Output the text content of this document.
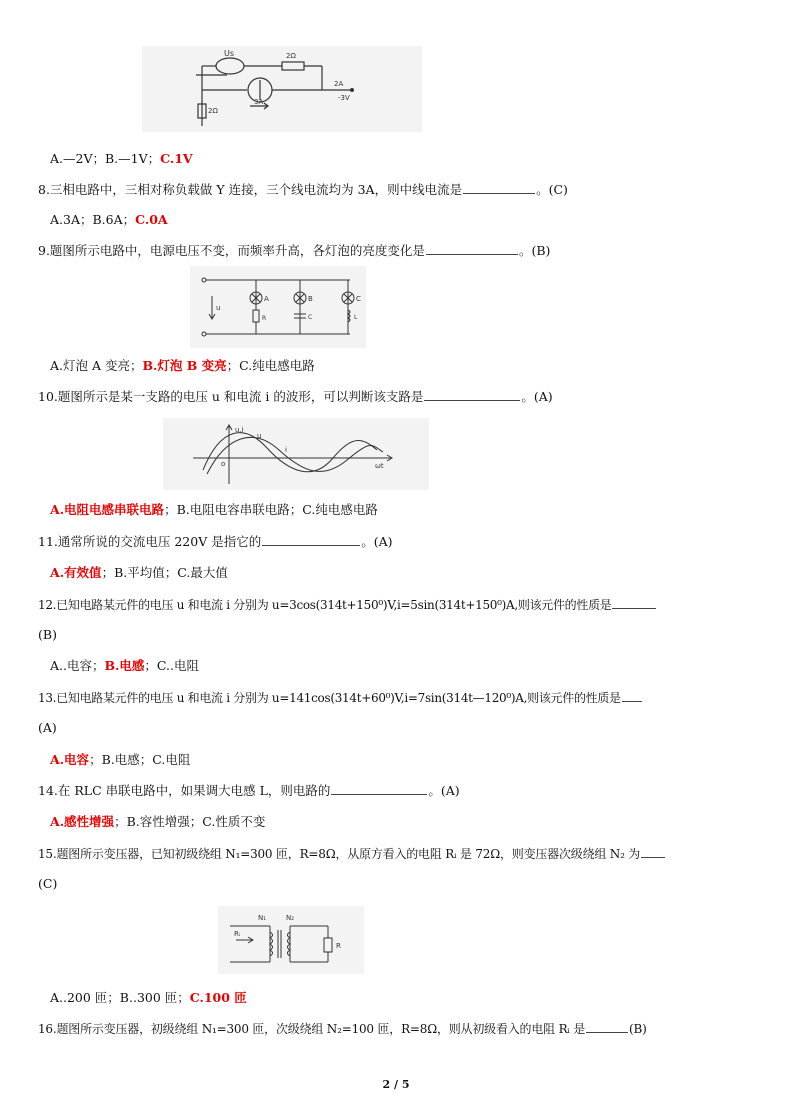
Us	2Ω
2A
-3V
3A
2Ω
A.—2V；B.—1V；C.1V
8.三相电路中，三相对称负载做 Y 连接，三个线电流均为 3A，则中线电流是	。(C)
A.3A；B.6A；C.0A
9.题图所示电路中，电源电压不变，而频率升高，各灯泡的亮度变化是	。(B)
A	B	C
u
R	C	L
A.灯泡 A 变亮；B.灯泡 B 变亮；C.纯电感电路
10.题图所示是某一支路的电压 u 和电流 i 的波形，可以判断该支路是	。(A)
u,i
u
i
o	ωt
A.电阻电感串联电路；B.电阻电容串联电路；C.纯电感电路
11.通常所说的交流电压 220V 是指它的	。(A)
A.有效值；B.平均值；C.最大值
12.已知电路某元件的电压 u 和电流 i 分别为 u=3cos(314t+150⁰)V,i=5sin(314t+150⁰)A,则该元件的性质是
(B)
A..电容；B.电感；C..电阻
13.已知电路某元件的电压 u 和电流 i 分别为 u=141cos(314t+60⁰)V,i=7sin(314t—120⁰)A,则该元件的性质是
(A)
A.电容；B.电感；C.电阻
14.在 RLC 串联电路中，如果调大电感 L，则电路的	。(A)
A.感性增强；B.容性增强；C.性质不变
15.题图所示变压器，已知初级绕组 N₁=300 匝，R=8Ω，从原方看入的电阻 Rᵢ 是 72Ω，则变压器次级绕组 N₂ 为
(C)
N₁	N₂
Rᵢ
R
A..200 匝；B..300 匝；C.100 匝
16.题图所示变压器，初级绕组 N₁=300 匝，次级绕组 N₂=100 匝，R=8Ω，则从初级看入的电阻 Rᵢ 是	(B)
2 / 5
